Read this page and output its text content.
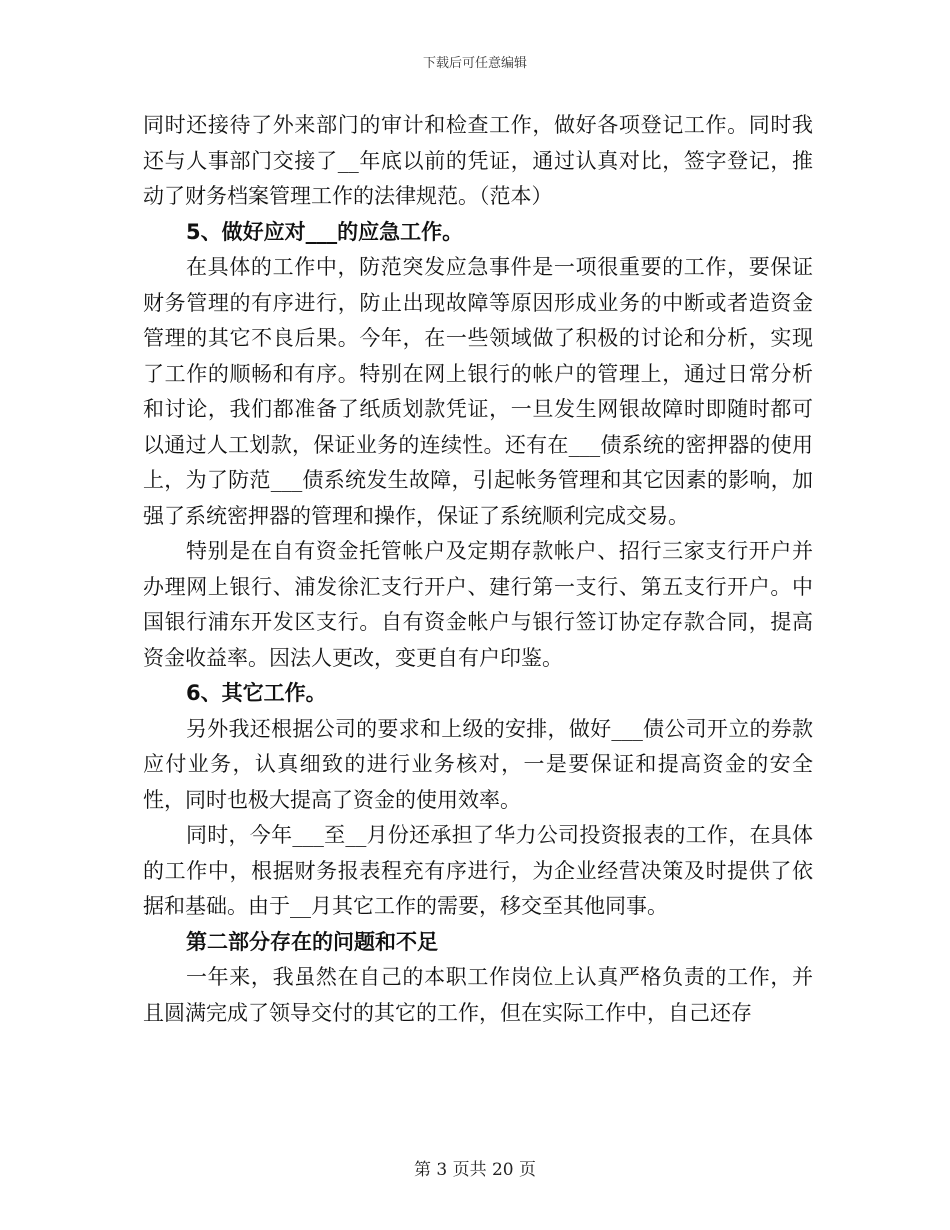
下载后可任意编辑

同时还接待了外来部门的审计和检查工作，做好各项登记工作。同时我还与人事部门交接了__年底以前的凭证，通过认真对比，签字登记，推动了财务档案管理工作的法律规范。（范本）

5、做好应对___的应急工作。

在具体的工作中，防范突发应急事件是一项很重要的工作，要保证财务管理的有序进行，防止出现故障等原因形成业务的中断或者造资金管理的其它不良后果。今年，在一些领域做了积极的讨论和分析，实现了工作的顺畅和有序。特别在网上银行的帐户的管理上，通过日常分析和讨论，我们都准备了纸质划款凭证，一旦发生网银故障时即随时都可以通过人工划款，保证业务的连续性。还有在___债系统的密押器的使用上，为了防范___债系统发生故障，引起帐务管理和其它因素的影响，加强了系统密押器的管理和操作，保证了系统顺利完成交易。

特别是在自有资金托管帐户及定期存款帐户、招行三家支行开户并办理网上银行、浦发徐汇支行开户、建行第一支行、第五支行开户。中国银行浦东开发区支行。自有资金帐户与银行签订协定存款合同，提高资金收益率。因法人更改，变更自有户印鉴。

6、其它工作。

另外我还根据公司的要求和上级的安排，做好___债公司开立的券款应付业务，认真细致的进行业务核对，一是要保证和提高资金的安全性，同时也极大提高了资金的使用效率。

同时，今年___至__月份还承担了华力公司投资报表的工作，在具体的工作中，根据财务报表程充有序进行，为企业经营决策及时提供了依据和基础。由于__月其它工作的需要，移交至其他同事。

第二部分存在的问题和不足

一年来，我虽然在自己的本职工作岗位上认真严格负责的工作，并且圆满完成了领导交付的其它的工作，但在实际工作中，自己还存

第 3 页共 20 页
